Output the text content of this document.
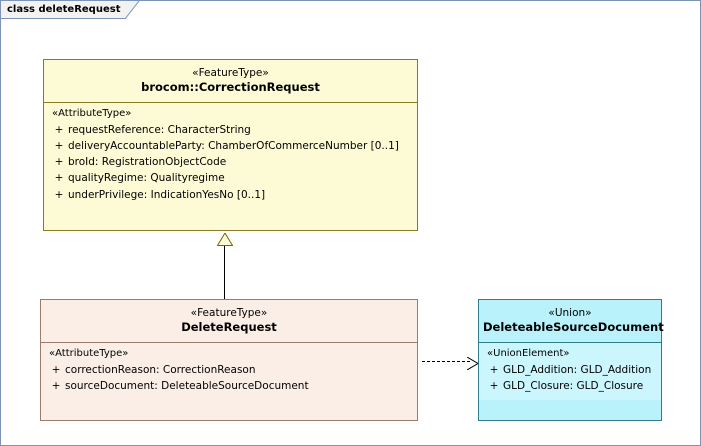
class deleteRequest
«FeatureType»
brocom::CorrectionRequest
«AttributeType»
+ requestReference: CharacterString
+ deliveryAccountableParty: ChamberOfCommerceNumber [0..1]
+ broId: RegistrationObjectCode
+ qualityRegime: Qualityregime
+ underPrivilege: IndicationYesNo [0..1]
«FeatureType»
DeleteRequest
«AttributeType»
+ correctionReason: CorrectionReason
+ sourceDocument: DeleteableSourceDocument
«Union»
DeleteableSourceDocument
«UnionElement»
+ GLD_Addition: GLD_Addition
+ GLD_Closure: GLD_Closure
